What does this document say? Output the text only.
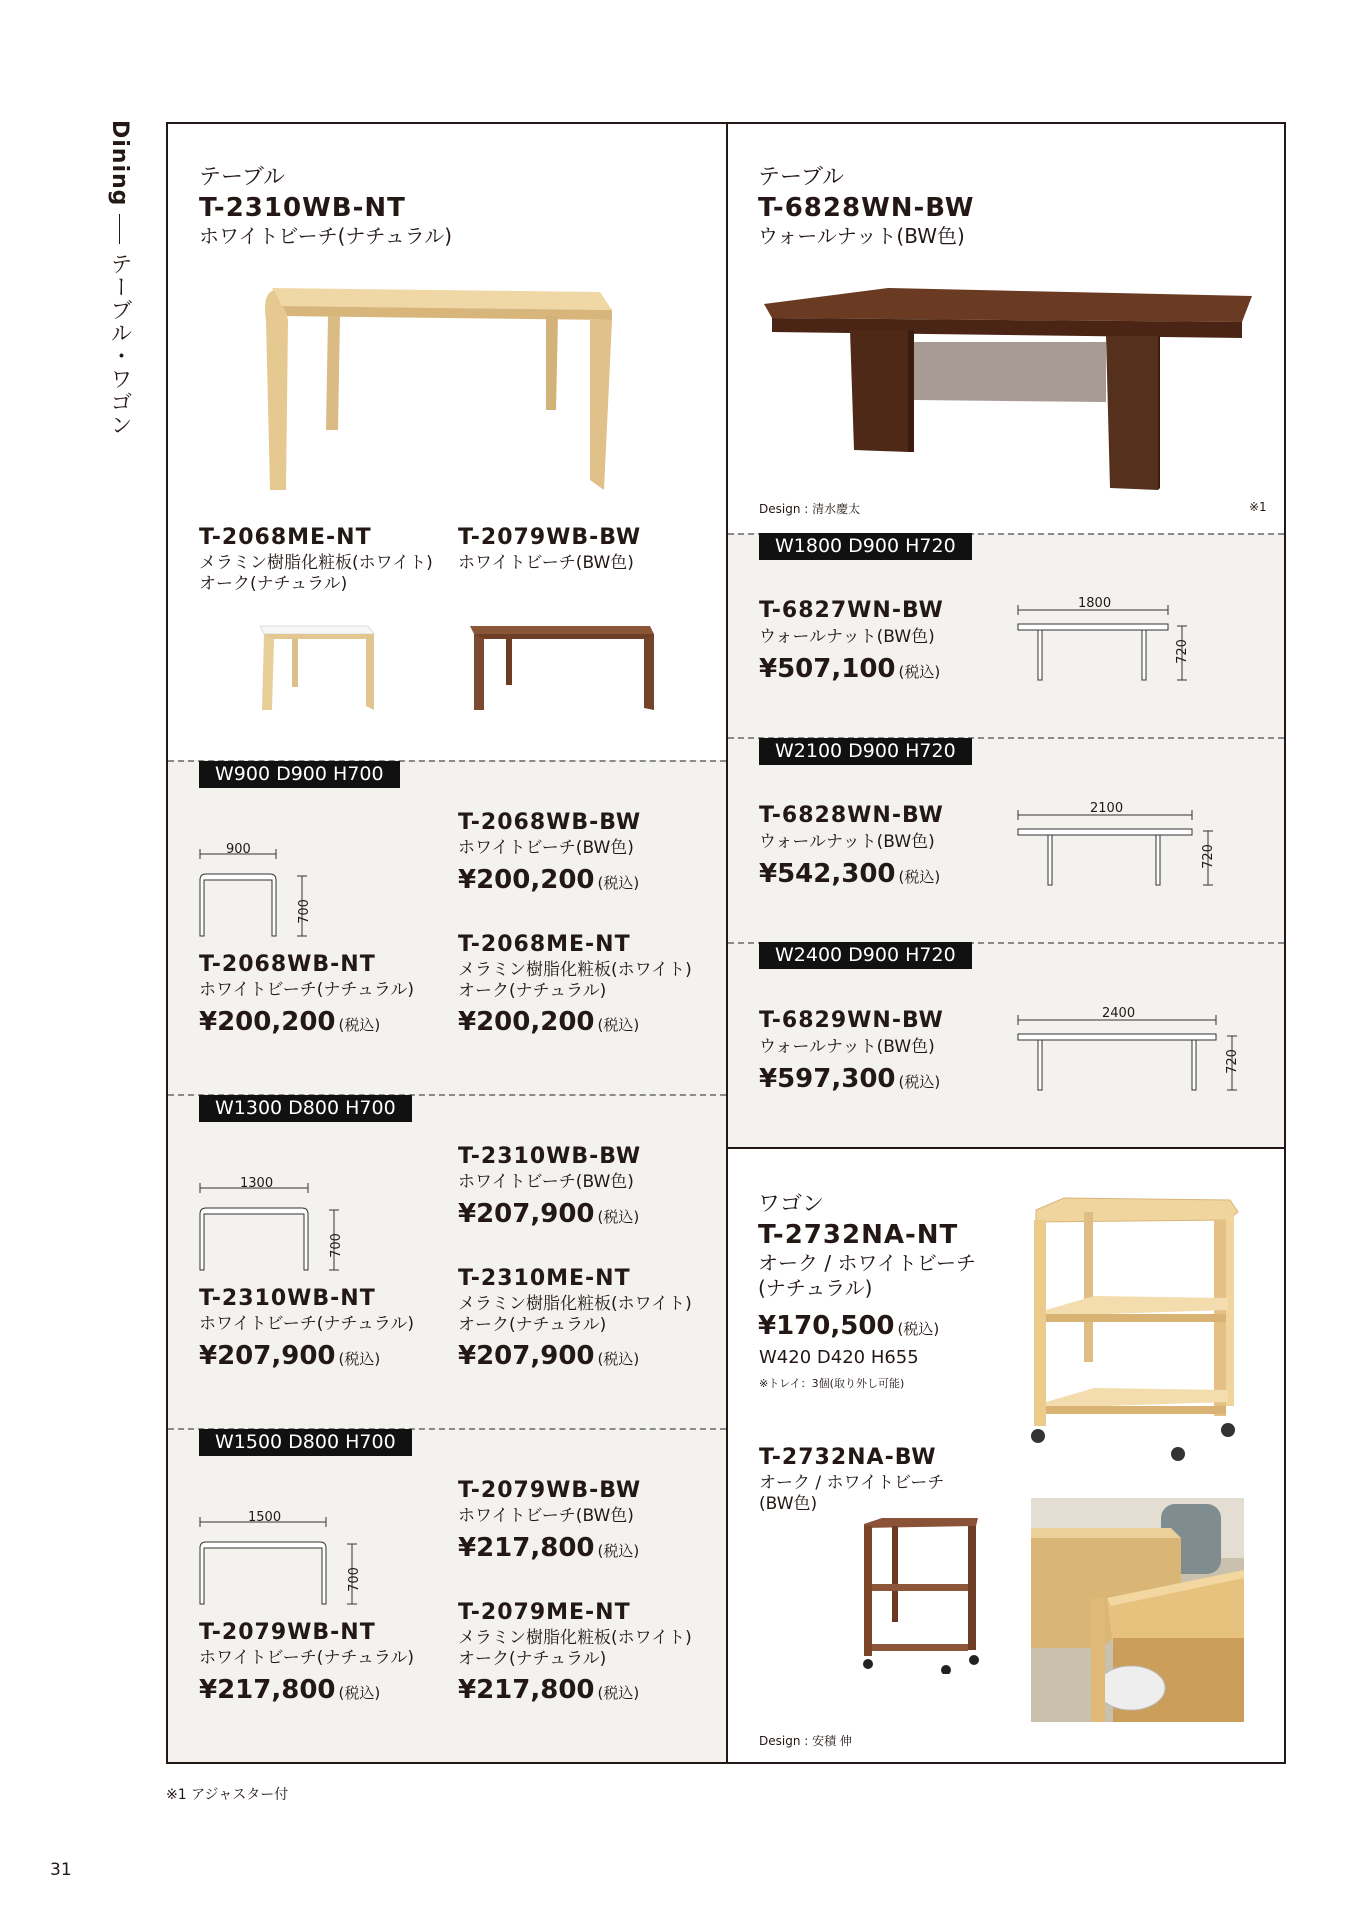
Diningテーブル・ワゴン
テーブル
T-2310WB-NT
ホワイトビーチ(ナチュラル)
T-2068ME-NT
メラミン樹脂化粧板(ホワイト)
オーク(ナチュラル)
T-2079WB-BW
ホワイトビーチ(BW色)
W900 D900 H700
900
700
T-2068WB-NT
ホワイトビーチ(ナチュラル)
¥200,200 (税込)
T-2068WB-BW
ホワイトビーチ(BW色)
¥200,200 (税込)
T-2068ME-NT
メラミン樹脂化粧板(ホワイト)
オーク(ナチュラル)
¥200,200 (税込)
W1300 D800 H700
1300
700
T-2310WB-NT
ホワイトビーチ(ナチュラル)
¥207,900 (税込)
T-2310WB-BW
ホワイトビーチ(BW色)
¥207,900 (税込)
T-2310ME-NT
メラミン樹脂化粧板(ホワイト)
オーク(ナチュラル)
¥207,900 (税込)
W1500 D800 H700
1500
700
T-2079WB-NT
ホワイトビーチ(ナチュラル)
¥217,800 (税込)
T-2079WB-BW
ホワイトビーチ(BW色)
¥217,800 (税込)
T-2079ME-NT
メラミン樹脂化粧板(ホワイト)
オーク(ナチュラル)
¥217,800 (税込)
テーブル
T-6828WN-BW
ウォールナット(BW色)
Design : 清水慶太	※1
W1800 D900 H720
T-6827WN-BW
ウォールナット(BW色)
¥507,100 (税込)
1800
720
W2100 D900 H720
T-6828WN-BW
ウォールナット(BW色)
¥542,300 (税込)
2100
720
W2400 D900 H720
T-6829WN-BW
ウォールナット(BW色)
¥597,300 (税込)
2400
720
ワゴン
T-2732NA-NT
オーク / ホワイトビーチ
(ナチュラル)
¥170,500 (税込)
W420 D420 H655
※トレイ：3個(取り外し可能)
T-2732NA-BW
オーク / ホワイトビーチ
(BW色)
Design : 安積 伸
※1 アジャスター付
31
